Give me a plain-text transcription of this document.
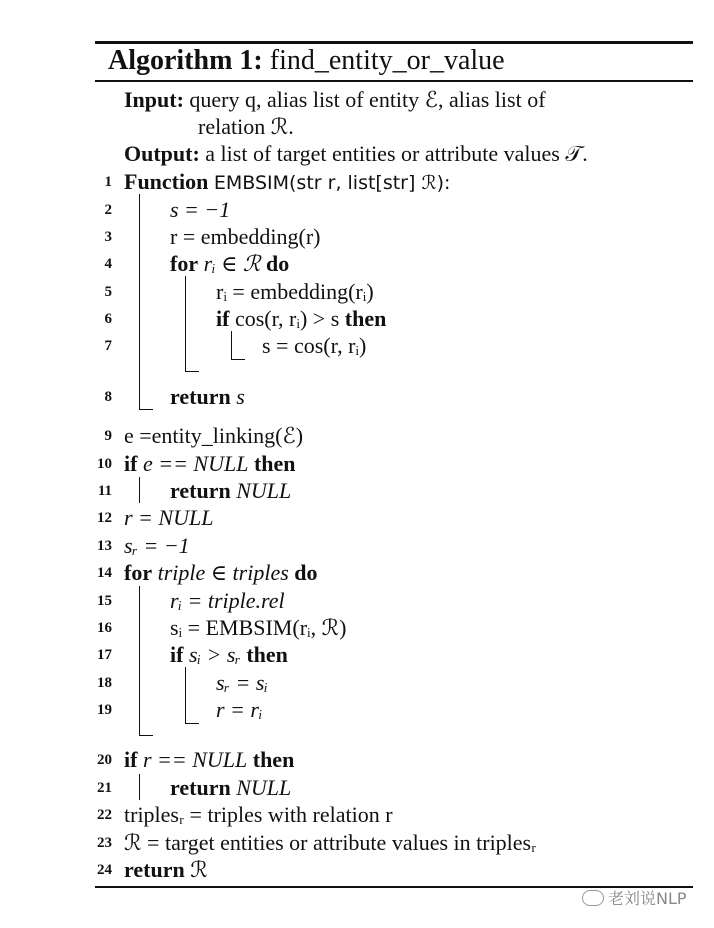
Algorithm 1: find_entity_or_value
Input: query q, alias list of entity ℰ, alias list of
relation ℛ.
Output: a list of target entities or attribute values 𝒯.
1
2
3
4
5
6
7
8
9
10
11
12
13
14
15
16
17
18
19
20
21
22
23
24
Function EMBSIM(str r, list[str] ℛ):
s = −1
r = embedding(r)
for rᵢ ∈ ℛ do
rᵢ = embedding(rᵢ)
if cos(r, rᵢ) > s then
s = cos(r, rᵢ)
return s
e =entity_linking(ℰ)
if e == NULL then
return NULL
r = NULL
sᵣ = −1
for triple ∈ triples do
rᵢ = triple.rel
sᵢ = EMBSIM(rᵢ, ℛ)
if sᵢ > sᵣ then
sᵣ = sᵢ
r = rᵢ
if r == NULL then
return NULL
triplesᵣ = triples with relation r
ℛ = target entities or attribute values in triplesᵣ
return ℛ
老刘说NLP
